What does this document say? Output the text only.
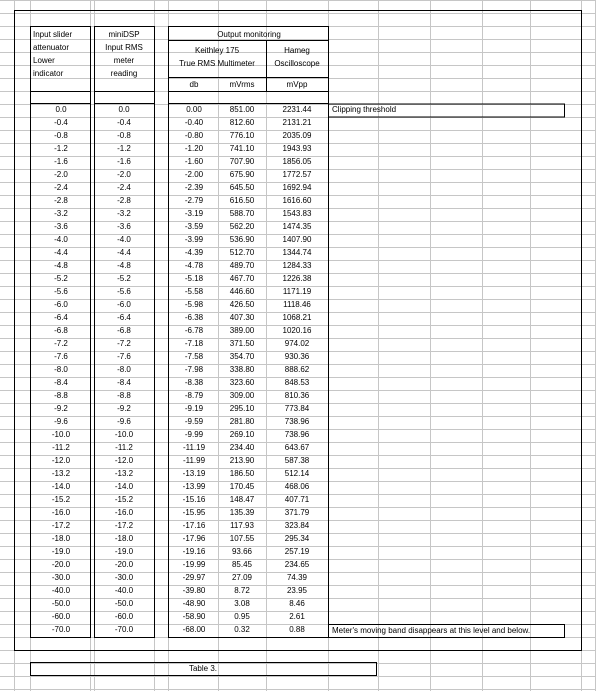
Input slider
attenuator
Lower
indicator
miniDSP
Input RMS
meter
reading
Output monitoring
Keithley 175
True RMS Multimeter
Hameg
Oscilloscope
db	mVrms	mVpp
0.0	0.0	0.00	851.00	2231.44
-0.4	-0.4	-0.40	812.60	2131.21
-0.8	-0.8	-0.80	776.10	2035.09
-1.2	-1.2	-1.20	741.10	1943.93
-1.6	-1.6	-1.60	707.90	1856.05
-2.0	-2.0	-2.00	675.90	1772.57
-2.4	-2.4	-2.39	645.50	1692.94
-2.8	-2.8	-2.79	616.50	1616.60
-3.2	-3.2	-3.19	588.70	1543.83
-3.6	-3.6	-3.59	562.20	1474.35
-4.0	-4.0	-3.99	536.90	1407.90
-4.4	-4.4	-4.39	512.70	1344.74
-4.8	-4.8	-4.78	489.70	1284.33
-5.2	-5.2	-5.18	467.70	1226.38
-5.6	-5.6	-5.58	446.60	1171.19
-6.0	-6.0	-5.98	426.50	1118.46
-6.4	-6.4	-6.38	407.30	1068.21
-6.8	-6.8	-6.78	389.00	1020.16
-7.2	-7.2	-7.18	371.50	974.02
-7.6	-7.6	-7.58	354.70	930.36
-8.0	-8.0	-7.98	338.80	888.62
-8.4	-8.4	-8.38	323.60	848.53
-8.8	-8.8	-8.79	309.00	810.36
-9.2	-9.2	-9.19	295.10	773.84
-9.6	-9.6	-9.59	281.80	738.96
-10.0	-10.0	-9.99	269.10	738.96
-11.2	-11.2	-11.19	234.40	643.67
-12.0	-12.0	-11.99	213.90	587.38
-13.2	-13.2	-13.19	186.50	512.14
-14.0	-14.0	-13.99	170.45	468.06
-15.2	-15.2	-15.16	148.47	407.71
-16.0	-16.0	-15.95	135.39	371.79
-17.2	-17.2	-17.16	117.93	323.84
-18.0	-18.0	-17.96	107.55	295.34
-19.0	-19.0	-19.16	93.66	257.19
-20.0	-20.0	-19.99	85.45	234.65
-30.0	-30.0	-29.97	27.09	74.39
-40.0	-40.0	-39.80	8.72	23.95
-50.0	-50.0	-48.90	3.08	8.46
-60.0	-60.0	-58.90	0.95	2.61
-70.0	-70.0	-68.00	0.32	0.88
Clipping threshold
Meter's moving band disappears at this level and below.
Table 3.
